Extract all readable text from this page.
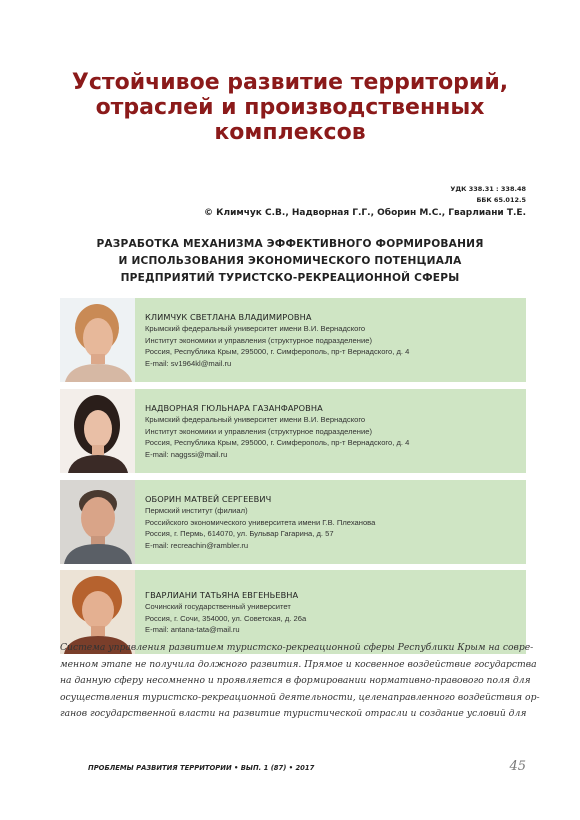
Устойчивое развитие территорий,
отраслей и производственных
комплексов
УДК 338.31 : 338.48
ББК 65.012.5
© Климчук С.В., Надворная Г.Г., Оборин М.С., Гварлиани Т.Е.
РАЗРАБОТКА МЕХАНИЗМА ЭФФЕКТИВНОГО ФОРМИРОВАНИЯ
И ИСПОЛЬЗОВАНИЯ ЭКОНОМИЧЕСКОГО ПОТЕНЦИАЛА
ПРЕДПРИЯТИЙ ТУРИСТСКО-РЕКРЕАЦИОННОЙ СФЕРЫ
КЛИМЧУК СВЕТЛАНА ВЛАДИМИРОВНА
Крымский федеральный университет имени В.И. Вернадского
Институт экономики и управления (структурное подразделение)
Россия, Республика Крым, 295000, г. Симферополь, пр-т Вернадского, д. 4
E-mail: sv1964kl@mail.ru
НАДВОРНАЯ ГЮЛЬНАРА ГАЗАНФАРОВНА
Крымский федеральный университет имени В.И. Вернадского
Институт экономики и управления (структурное подразделение)
Россия, Республика Крым, 295000, г. Симферополь, пр-т Вернадского, д. 4
E-mail: naggssi@mail.ru
ОБОРИН МАТВЕЙ СЕРГЕЕВИЧ
Пермский институт (филиал)
Российского экономического университета имени Г.В. Плеханова
Россия, г. Пермь, 614070, ул. Бульвар Гагарина, д. 57
E-mail: recreachin@rambler.ru
ГВАРЛИАНИ ТАТЬЯНА ЕВГЕНЬЕВНА
Сочинский государственный университет
Россия, г. Сочи, 354000, ул. Советская, д. 26а
E-mail: antana-tata@mail.ru
Система управления развитием туристско-рекреационной сферы Республики Крым на совре-
менном этапе не получила должного развития. Прямое и косвенное воздействие государства
на данную сферу несомненно и проявляется в формировании нормативно-правового поля для
осуществления туристско-рекреационной деятельности, целенаправленного воздействия ор-
ганов государственной власти на развитие туристической отрасли и создание условий для
ПРОБЛЕМЫ РАЗВИТИЯ ТЕРРИТОРИИ • ВЫП. 1 (87) • 2017	45
